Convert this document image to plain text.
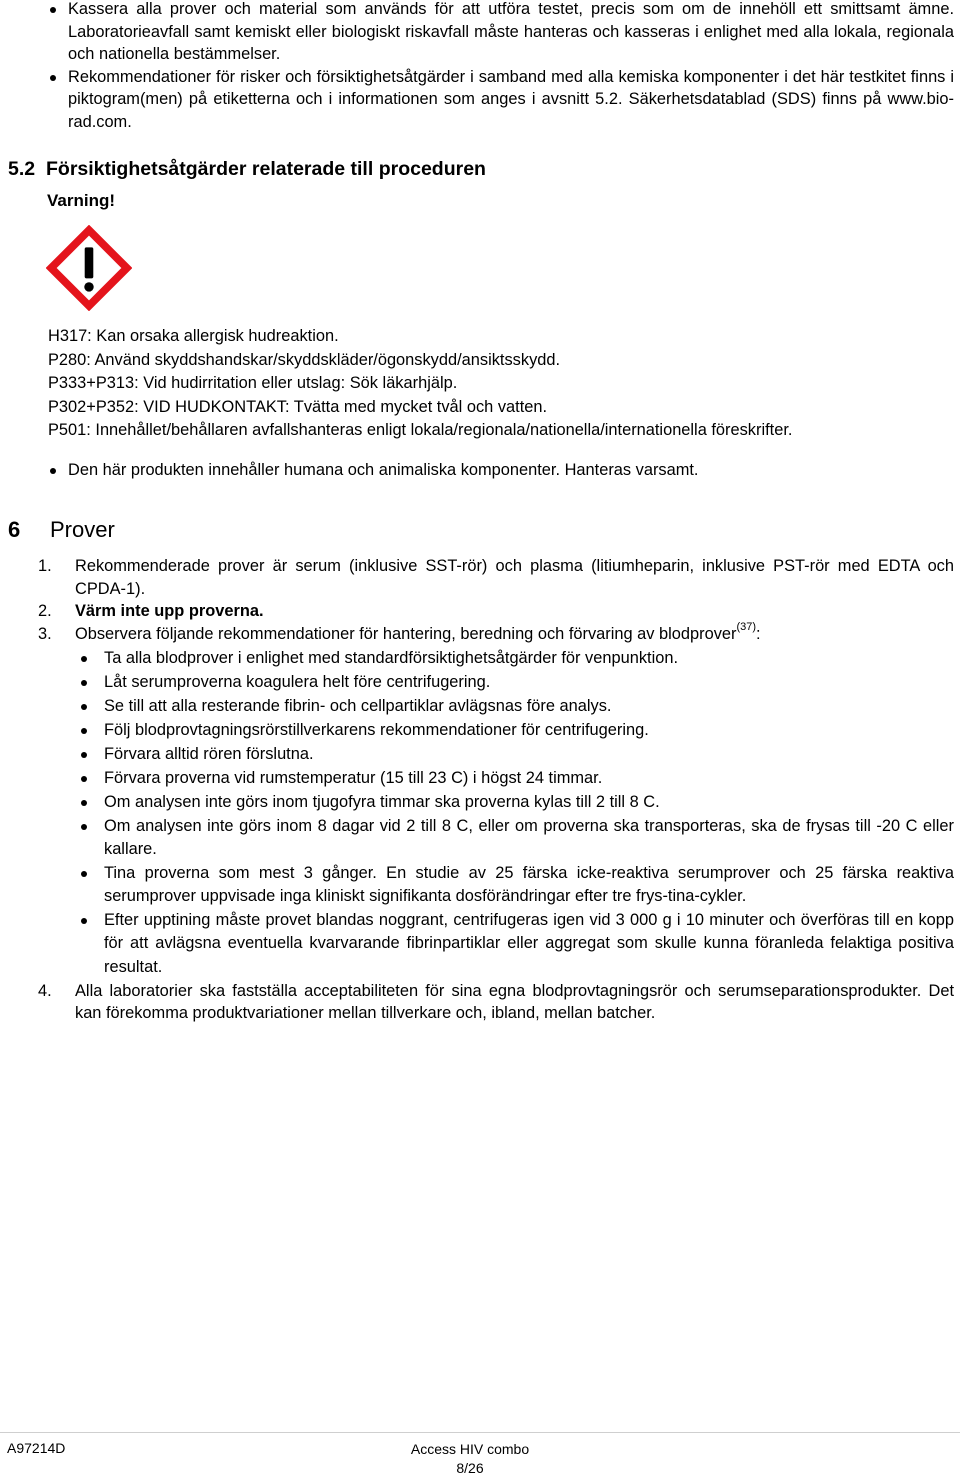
Kassera alla prover och material som används för att utföra testet, precis som om de innehöll ett smittsamt ämne. Laboratorieavfall samt kemiskt eller biologiskt riskavfall måste hanteras och kasseras i enlighet med alla lokala, regionala och nationella bestämmelser.
Rekommendationer för risker och försiktighetsåtgärder i samband med alla kemiska komponenter i det här testkitet finns i piktogram(men) på etiketterna och i informationen som anges i avsnitt 5.2. Säkerhetsdatablad (SDS) finns på www.bio-rad.com.
5.2 Försiktighetsåtgärder relaterade till proceduren

Varning!

H317: Kan orsaka allergisk hudreaktion.
P280: Använd skyddshandskar/skyddskläder/ögonskydd/ansiktsskydd.
P333+P313: Vid hudirritation eller utslag: Sök läkarhjälp.
P302+P352: VID HUDKONTAKT: Tvätta med mycket tvål och vatten.
P501: Innehållet/behållaren avfallshanteras enligt lokala/regionala/nationella/internationella föreskrifter.
Den här produkten innehåller humana och animaliska komponenter. Hanteras varsamt.
6 Prover
1. Rekommenderade prover är serum (inklusive SST-rör) och plasma (litiumheparin, inklusive PST-rör med EDTA och CPDA-1).
2. Värm inte upp proverna.
3. Observera följande rekommendationer för hantering, beredning och förvaring av blodprover$^{(37)}$:
Ta alla blodprover i enlighet med standardförsiktighetsåtgärder för venpunktion.
Låt serumproverna koagulera helt före centrifugering.
Se till att alla resterande fibrin- och cellpartiklar avlägsnas före analys.
Följ blodprovtagningsrörstillverkarens rekommendationer för centrifugering.
Förvara alltid rören förslutna.
Förvara proverna vid rumstemperatur (15 till 23 C) i högst 24 timmar.
Om analysen inte görs inom tjugofyra timmar ska proverna kylas till 2 till 8 C.
Om analysen inte görs inom 8 dagar vid 2 till 8 C, eller om proverna ska transporteras, ska de frysas till -20 C eller kallare.
Tina proverna som mest 3 gånger. En studie av 25 färska icke-reaktiva serumprover och 25 färska reaktiva serumprover uppvisade inga kliniskt signifikanta dosförändringar efter tre frys-tina-cykler.
Efter upptining måste provet blandas noggrant, centrifugeras igen vid 3 000 g i 10 minuter och överföras till en kopp för att avlägsna eventuella kvarvarande fibrinpartiklar eller aggregat som skulle kunna föranleda felaktiga positiva resultat.
4. Alla laboratorier ska fastställa acceptabiliteten för sina egna blodprovtagningsrör och serumseparationsprodukter. Det kan förekomma produktvariationer mellan tillverkare och, ibland, mellan batcher.

A97214D	Access HIV combo
8/26
